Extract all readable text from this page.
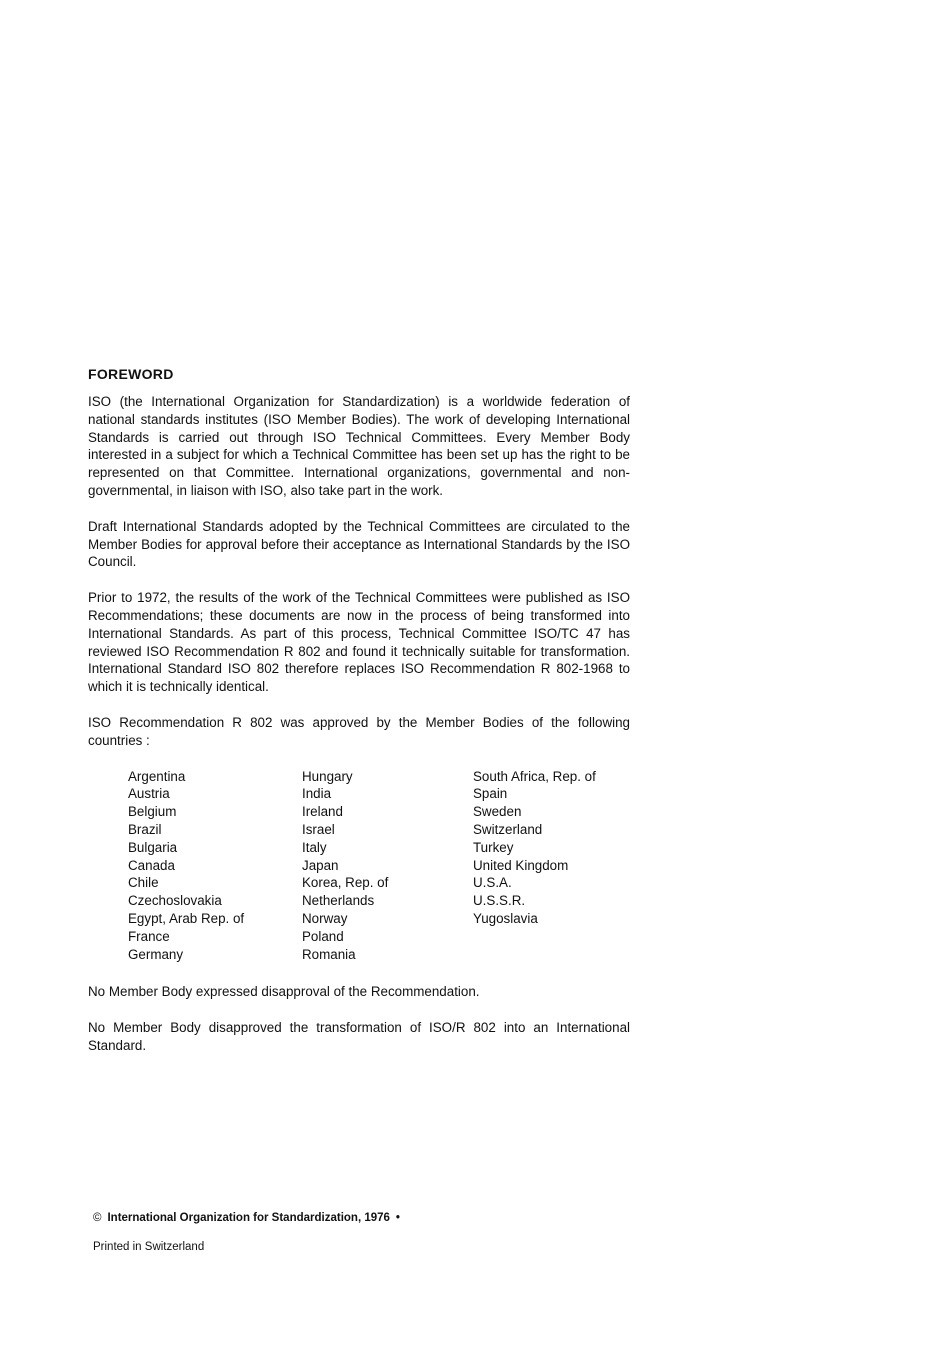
FOREWORD

ISO (the International Organization for Standardization) is a worldwide federation of national standards institutes (ISO Member Bodies). The work of developing International Standards is carried out through ISO Technical Committees. Every Member Body interested in a subject for which a Technical Committee has been set up has the right to be represented on that Committee. International organizations, governmental and non-governmental, in liaison with ISO, also take part in the work.

Draft International Standards adopted by the Technical Committees are circulated to the Member Bodies for approval before their acceptance as International Standards by the ISO Council.

Prior to 1972, the results of the work of the Technical Committees were published as ISO Recommendations; these documents are now in the process of being transformed into International Standards. As part of this process, Technical Committee ISO/TC 47 has reviewed ISO Recommendation R 802 and found it technically suitable for transformation. International Standard ISO 802 therefore replaces ISO Recommendation R 802-1968 to which it is technically identical.

ISO Recommendation R 802 was approved by the Member Bodies of the following countries :

Argentina
Austria
Belgium
Brazil
Bulgaria
Canada
Chile
Czechoslovakia
Egypt, Arab Rep. of
France
Germany
Hungary
India
Ireland
Israel
Italy
Japan
Korea, Rep. of
Netherlands
Norway
Poland
Romania
South Africa, Rep. of
Spain
Sweden
Switzerland
Turkey
United Kingdom
U.S.A.
U.S.S.R.
Yugoslavia

No Member Body expressed disapproval of the Recommendation.

No Member Body disapproved the transformation of ISO/R 802 into an International Standard.

© International Organization for Standardization, 1976 •
Printed in Switzerland
